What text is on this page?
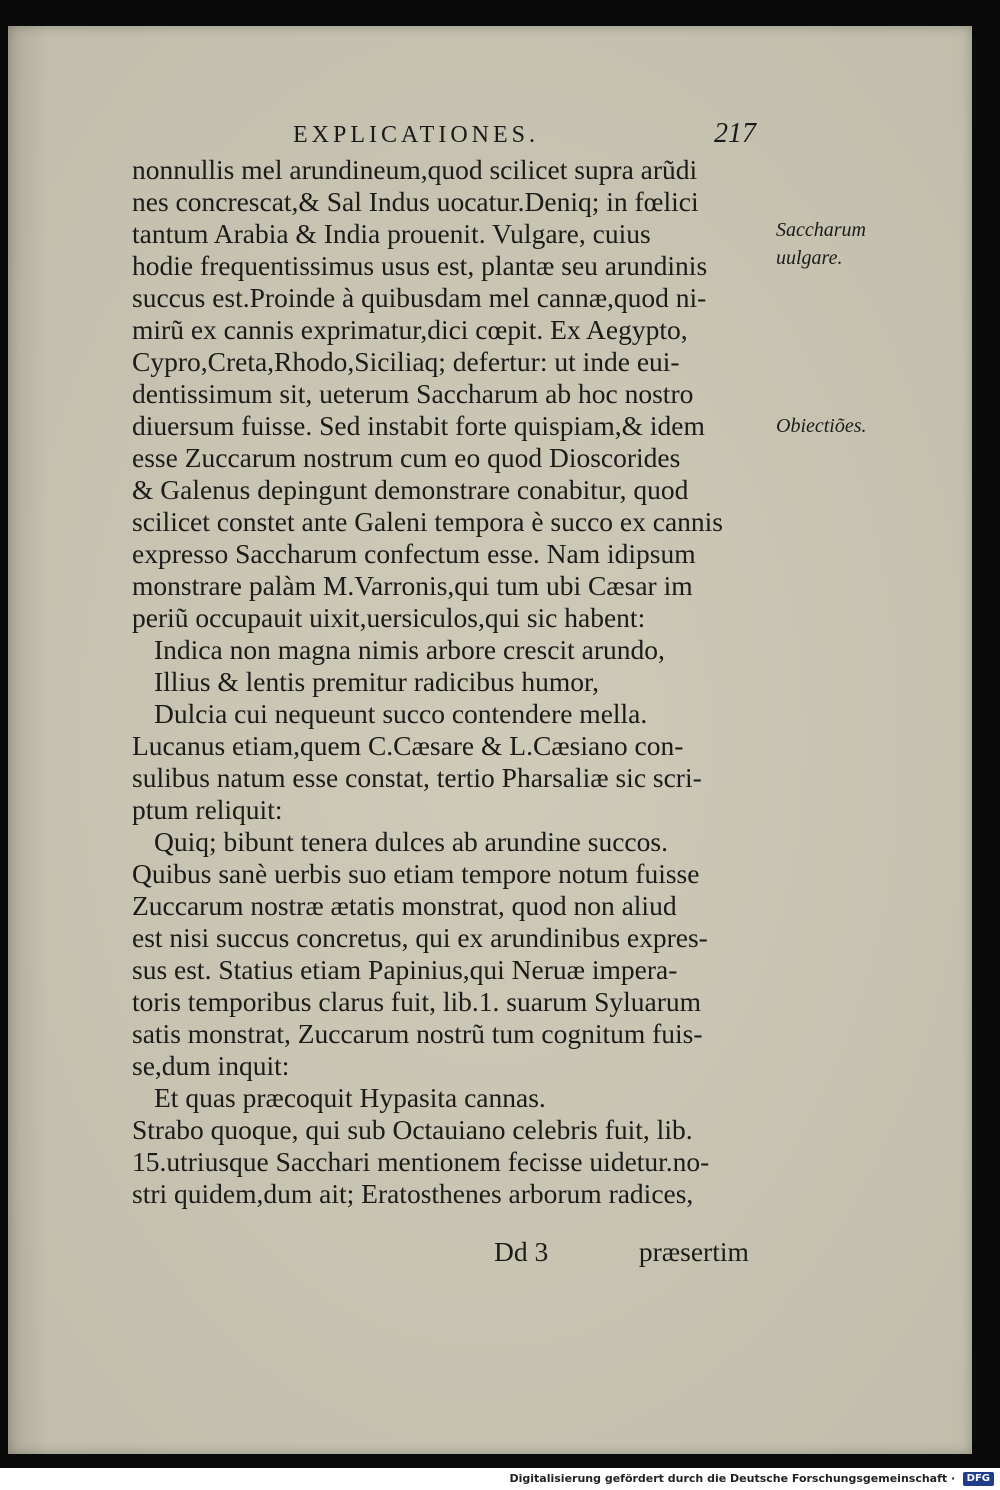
EXPLICATIONES.	217
nonnullis mel arundineum,quod scilicet supra arũdi
nes concrescat,& Sal Indus uocatur.Deniq; in fœlici
tantum Arabia & India prouenit. Vulgare, cuius
hodie frequentissimus usus est, plantæ seu arundinis
succus est.Proinde à quibusdam mel cannæ,quod ni-
mirũ ex cannis exprimatur,dici cœpit. Ex Aegypto,
Cypro,Creta,Rhodo,Siciliaq; defertur: ut inde eui-
dentissimum sit, ueterum Saccharum ab hoc nostro
diuersum fuisse. Sed instabit forte quispiam,& idem
esse Zuccarum nostrum cum eo quod Dioscorides
& Galenus depingunt demonstrare conabitur, quod
scilicet constet ante Galeni tempora è succo ex cannis
expresso Saccharum confectum esse. Nam idipsum
monstrare palàm M.Varronis,qui tum ubi Cæsar im
periũ occupauit uixit,uersiculos,qui sic habent:
Indica non magna nimis arbore crescit arundo,
Illius & lentis premitur radicibus humor,
Dulcia cui nequeunt succo contendere mella.
Lucanus etiam,quem C.Cæsare & L.Cæsiano con-
sulibus natum esse constat, tertio Pharsaliæ sic scri-
ptum reliquit:
Quiq; bibunt tenera dulces ab arundine succos.
Quibus sanè uerbis suo etiam tempore notum fuisse
Zuccarum nostræ ætatis monstrat, quod non aliud
est nisi succus concretus, qui ex arundinibus expres-
sus est. Statius etiam Papinius,qui Neruæ impera-
toris temporibus clarus fuit, lib.1. suarum Syluarum
satis monstrat, Zuccarum nostrũ tum cognitum fuis-
se,dum inquit:
Et quas præcoquit Hypasita cannas.
Strabo quoque, qui sub Octauiano celebris fuit, lib.
15.utriusque Sacchari mentionem fecisse uidetur.no-
stri quidem,dum ait; Eratosthenes arborum radices,
Saccharum
uulgare.
Obiectiões.
Dd 3	præsertim
Digitalisierung gefördert durch die Deutsche Forschungsgemeinschaft · DFG
